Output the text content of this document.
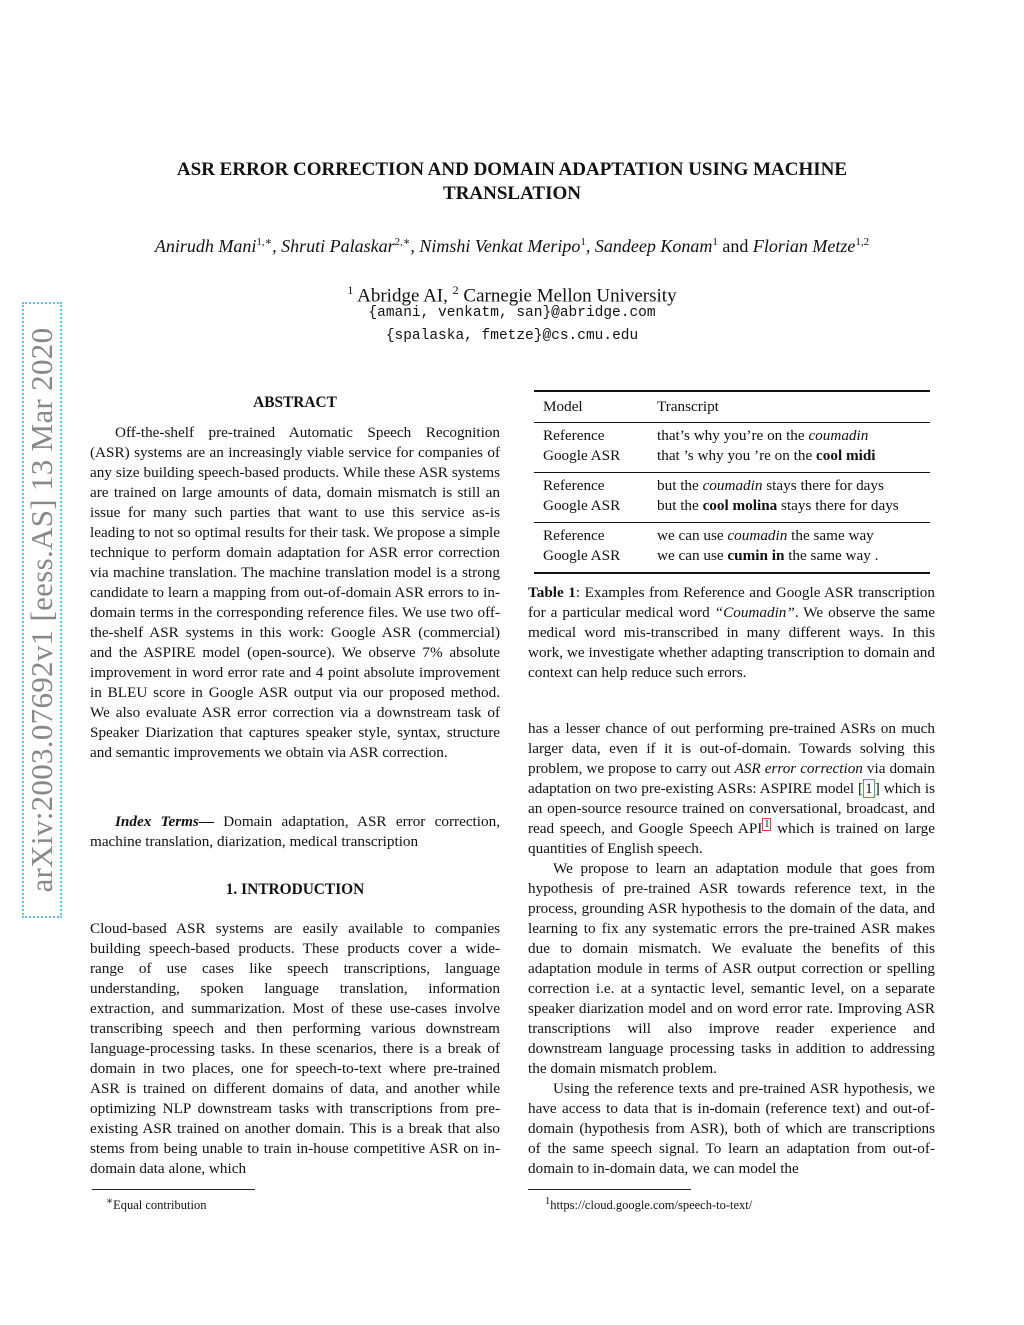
arXiv:2003.07692v1 [eess.AS] 13 Mar 2020
ASR ERROR CORRECTION AND DOMAIN ADAPTATION USING MACHINE
TRANSLATION
Anirudh Mani$^{1,∗}$, Shruti Palaskar$^{2,∗}$, Nimshi Venkat Meripo$^1$, Sandeep Konam$^1$ and Florian Metze$^{1,2}$
$^1$ Abridge AI, $^2$ Carnegie Mellon University
{amani, venkatm, san}@abridge.com
{spalaska, fmetze}@cs.cmu.edu
ABSTRACT

Off-the-shelf pre-trained Automatic Speech Recognition (ASR) systems are an increasingly viable service for companies of any size building speech-based products. While these ASR systems are trained on large amounts of data, domain mismatch is still an issue for many such parties that want to use this service as-is leading to not so optimal results for their task. We propose a simple technique to perform domain adaptation for ASR error correction via machine translation. The machine translation model is a strong candidate to learn a mapping from out-of-domain ASR errors to in-domain terms in the corresponding reference files. We use two off-the-shelf ASR systems in this work: Google ASR (commercial) and the ASPIRE model (open-source). We observe 7% absolute improvement in word error rate and 4 point absolute improvement in BLEU score in Google ASR output via our proposed method. We also evaluate ASR error correction via a downstream task of Speaker Diarization that captures speaker style, syntax, structure and semantic improvements we obtain via ASR correction.

Index Terms— Domain adaptation, ASR error correction, machine translation, diarization, medical transcription

1. INTRODUCTION

Cloud-based ASR systems are easily available to companies building speech-based products. These products cover a wide-range of use cases like speech transcriptions, language understanding, spoken language translation, information extraction, and summarization. Most of these use-cases involve transcribing speech and then performing various downstream language-processing tasks. In these scenarios, there is a break of domain in two places, one for speech-to-text where pre-trained ASR is trained on different domains of data, and another while optimizing NLP downstream tasks with transcriptions from pre-existing ASR trained on another domain. This is a break that also stems from being unable to train in-house competitive ASR on in-domain data alone, which

∗Equal contribution
Model	Transcript
Reference	that’s why you’re on the coumadin
Google ASR	that ’s why you ’re on the cool midi
Reference	but the coumadin stays there for days
Google ASR	but the cool molina stays there for days
Reference	we can use coumadin the same way
Google ASR	we can use cumin in the same way .

Table 1: Examples from Reference and Google ASR transcription for a particular medical word “Coumadin”. We observe the same medical word mis-transcribed in many different ways. In this work, we investigate whether adapting transcription to domain and context can help reduce such errors.

has a lesser chance of out performing pre-trained ASRs on much larger data, even if it is out-of-domain. Towards solving this problem, we propose to carry out ASR error correction via domain adaptation on two pre-existing ASRs: ASPIRE model [ 1 ] which is an open-source resource trained on conversational, broadcast, and read speech, and Google Speech API $^1$ which is trained on large quantities of English speech.

We propose to learn an adaptation module that goes from hypothesis of pre-trained ASR towards reference text, in the process, grounding ASR hypothesis to the domain of the data, and learning to fix any systematic errors the pre-trained ASR makes due to domain mismatch. We evaluate the benefits of this adaptation module in terms of ASR output correction or spelling correction i.e. at a syntactic level, semantic level, on a separate speaker diarization model and on word error rate. Improving ASR transcriptions will also improve reader experience and downstream language processing tasks in addition to addressing the domain mismatch problem.

Using the reference texts and pre-trained ASR hypothesis, we have access to data that is in-domain (reference text) and out-of-domain (hypothesis from ASR), both of which are transcriptions of the same speech signal. To learn an adaptation from out-of-domain to in-domain data, we can model the

$^1$https://cloud.google.com/speech-to-text/
